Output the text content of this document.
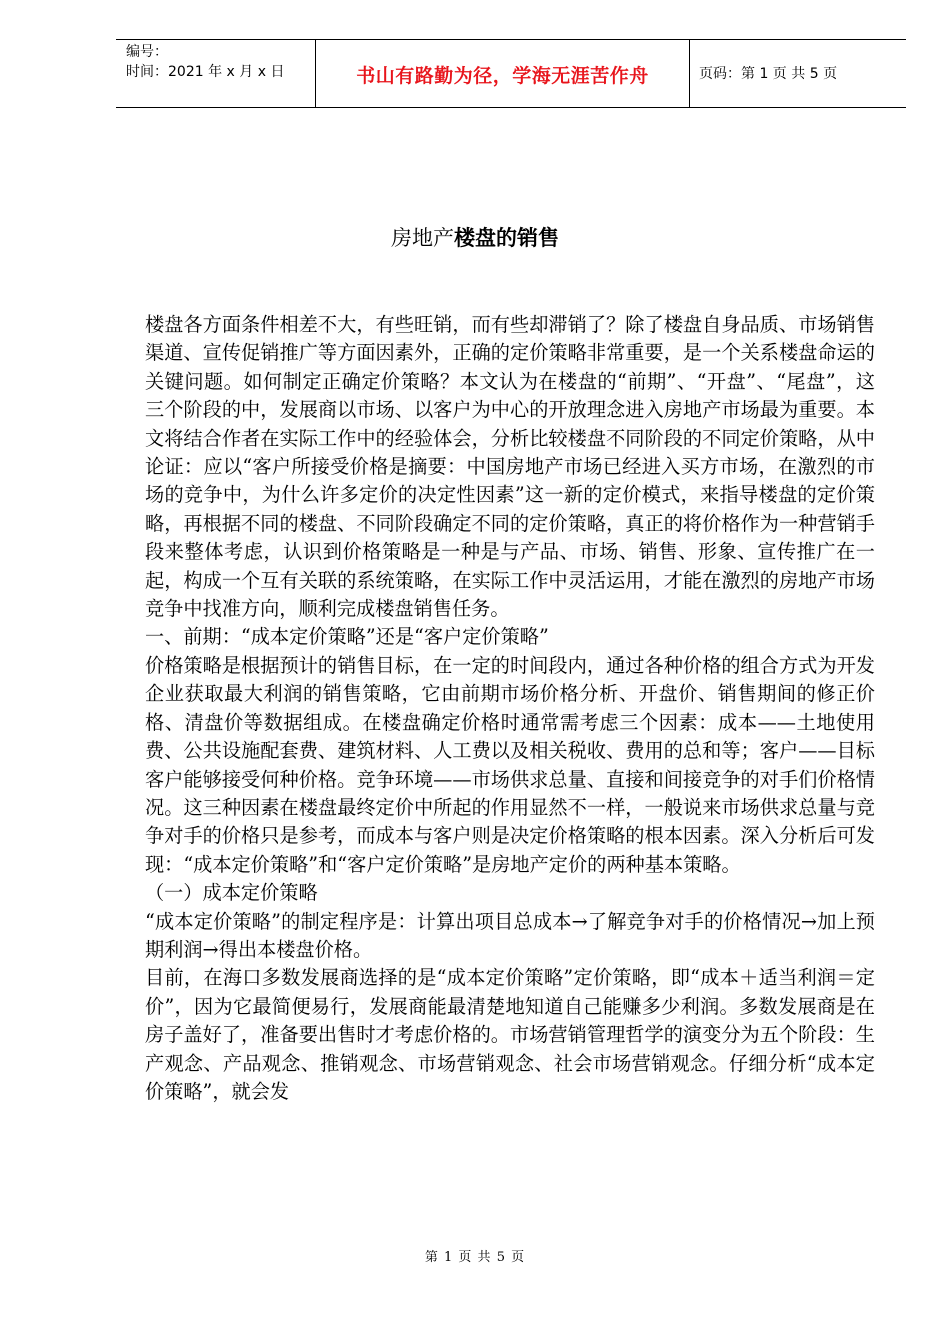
编号：
时间：2021 年 x 月 x 日	书山有路勤为径，学海无涯苦作舟	页码：第 1 页 共 5 页
房地产楼盘的销售

楼盘各方面条件相差不大，有些旺销，而有些却滞销了？除了楼盘自身品质、市场销售渠道、宣传促销推广等方面因素外，正确的定价策略非常重要，是一个关系楼盘命运的关键问题。如何制定正确定价策略？本文认为在楼盘的“前期”、“开盘”、“尾盘”，这三个阶段的中，发展商以市场、以客户为中心的开放理念进入房地产市场最为重要。本文将结合作者在实际工作中的经验体会，分析比较楼盘不同阶段的不同定价策略，从中论证：应以“客户所接受价格是摘要：中国房地产市场已经进入买方市场，在激烈的市场的竞争中，为什么许多定价的决定性因素”这一新的定价模式，来指导楼盘的定价策略，再根据不同的楼盘、不同阶段确定不同的定价策略，真正的将价格作为一种营销手段来整体考虑，认识到价格策略是一种是与产品、市场、销售、形象、宣传推广在一起，构成一个互有关联的系统策略，在实际工作中灵活运用，才能在激烈的房地产市场竞争中找准方向，顺利完成楼盘销售任务。

一、前期：“成本定价策略”还是“客户定价策略”

价格策略是根据预计的销售目标，在一定的时间段内，通过各种价格的组合方式为开发企业获取最大利润的销售策略，它由前期市场价格分析、开盘价、销售期间的修正价格、清盘价等数据组成。在楼盘确定价格时通常需考虑三个因素：成本——土地使用费、公共设施配套费、建筑材料、人工费以及相关税收、费用的总和等；客户——目标客户能够接受何种价格。竞争环境——市场供求总量、直接和间接竞争的对手们价格情况。这三种因素在楼盘最终定价中所起的作用显然不一样，一般说来市场供求总量与竞争对手的价格只是参考，而成本与客户则是决定价格策略的根本因素。深入分析后可发现：“成本定价策略”和“客户定价策略”是房地产定价的两种基本策略。

（一）成本定价策略

“成本定价策略”的制定程序是：计算出项目总成本→了解竞争对手的价格情况→加上预期利润→得出本楼盘价格。

目前，在海口多数发展商选择的是“成本定价策略”定价策略，即“成本＋适当利润＝定价”，因为它最简便易行，发展商能最清楚地知道自己能赚多少利润。多数发展商是在房子盖好了，准备要出售时才考虑价格的。市场营销管理哲学的演变分为五个阶段：生产观念、产品观念、推销观念、市场营销观念、社会市场营销观念。仔细分析“成本定价策略”，就会发

第 1 页 共 5 页
